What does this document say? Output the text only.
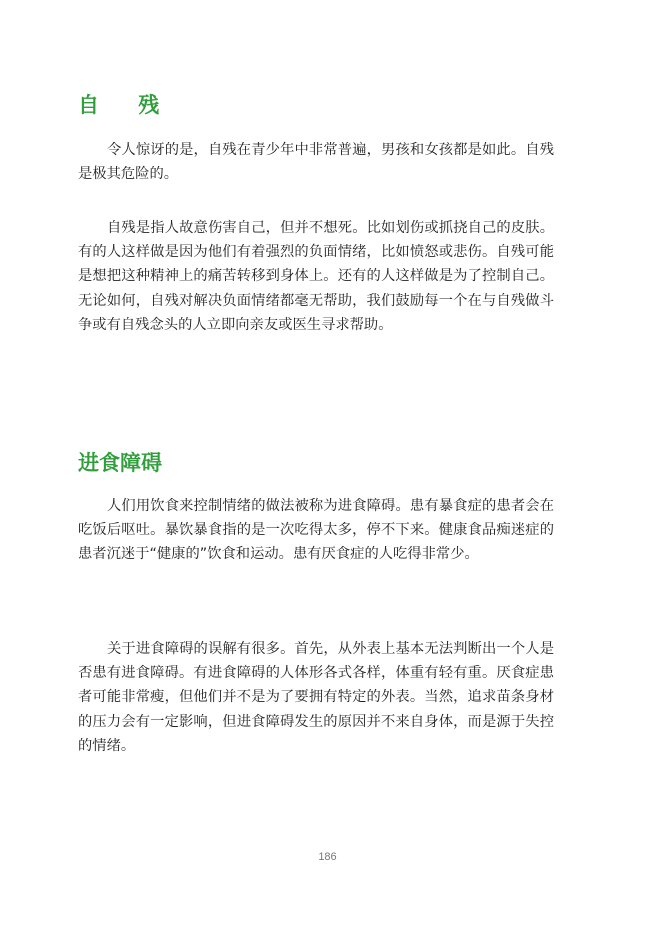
自 残

令人惊讶的是，自残在青少年中非常普遍，男孩和女孩都是如此。自残是极其危险的。

自残是指人故意伤害自己，但并不想死。比如划伤或抓挠自己的皮肤。有的人这样做是因为他们有着强烈的负面情绪，比如愤怒或悲伤。自残可能是想把这种精神上的痛苦转移到身体上。还有的人这样做是为了控制自己。无论如何，自残对解决负面情绪都毫无帮助，我们鼓励每一个在与自残做斗争或有自残念头的人立即向亲友或医生寻求帮助。

进食障碍

人们用饮食来控制情绪的做法被称为进食障碍。患有暴食症的患者会在吃饭后呕吐。暴饮暴食指的是一次吃得太多，停不下来。健康食品痴迷症的患者沉迷于“健康的”饮食和运动。患有厌食症的人吃得非常少。

关于进食障碍的误解有很多。首先，从外表上基本无法判断出一个人是否患有进食障碍。有进食障碍的人体形各式各样，体重有轻有重。厌食症患者可能非常瘦，但他们并不是为了要拥有特定的外表。当然，追求苗条身材的压力会有一定影响，但进食障碍发生的原因并不来自身体，而是源于失控的情绪。

186
